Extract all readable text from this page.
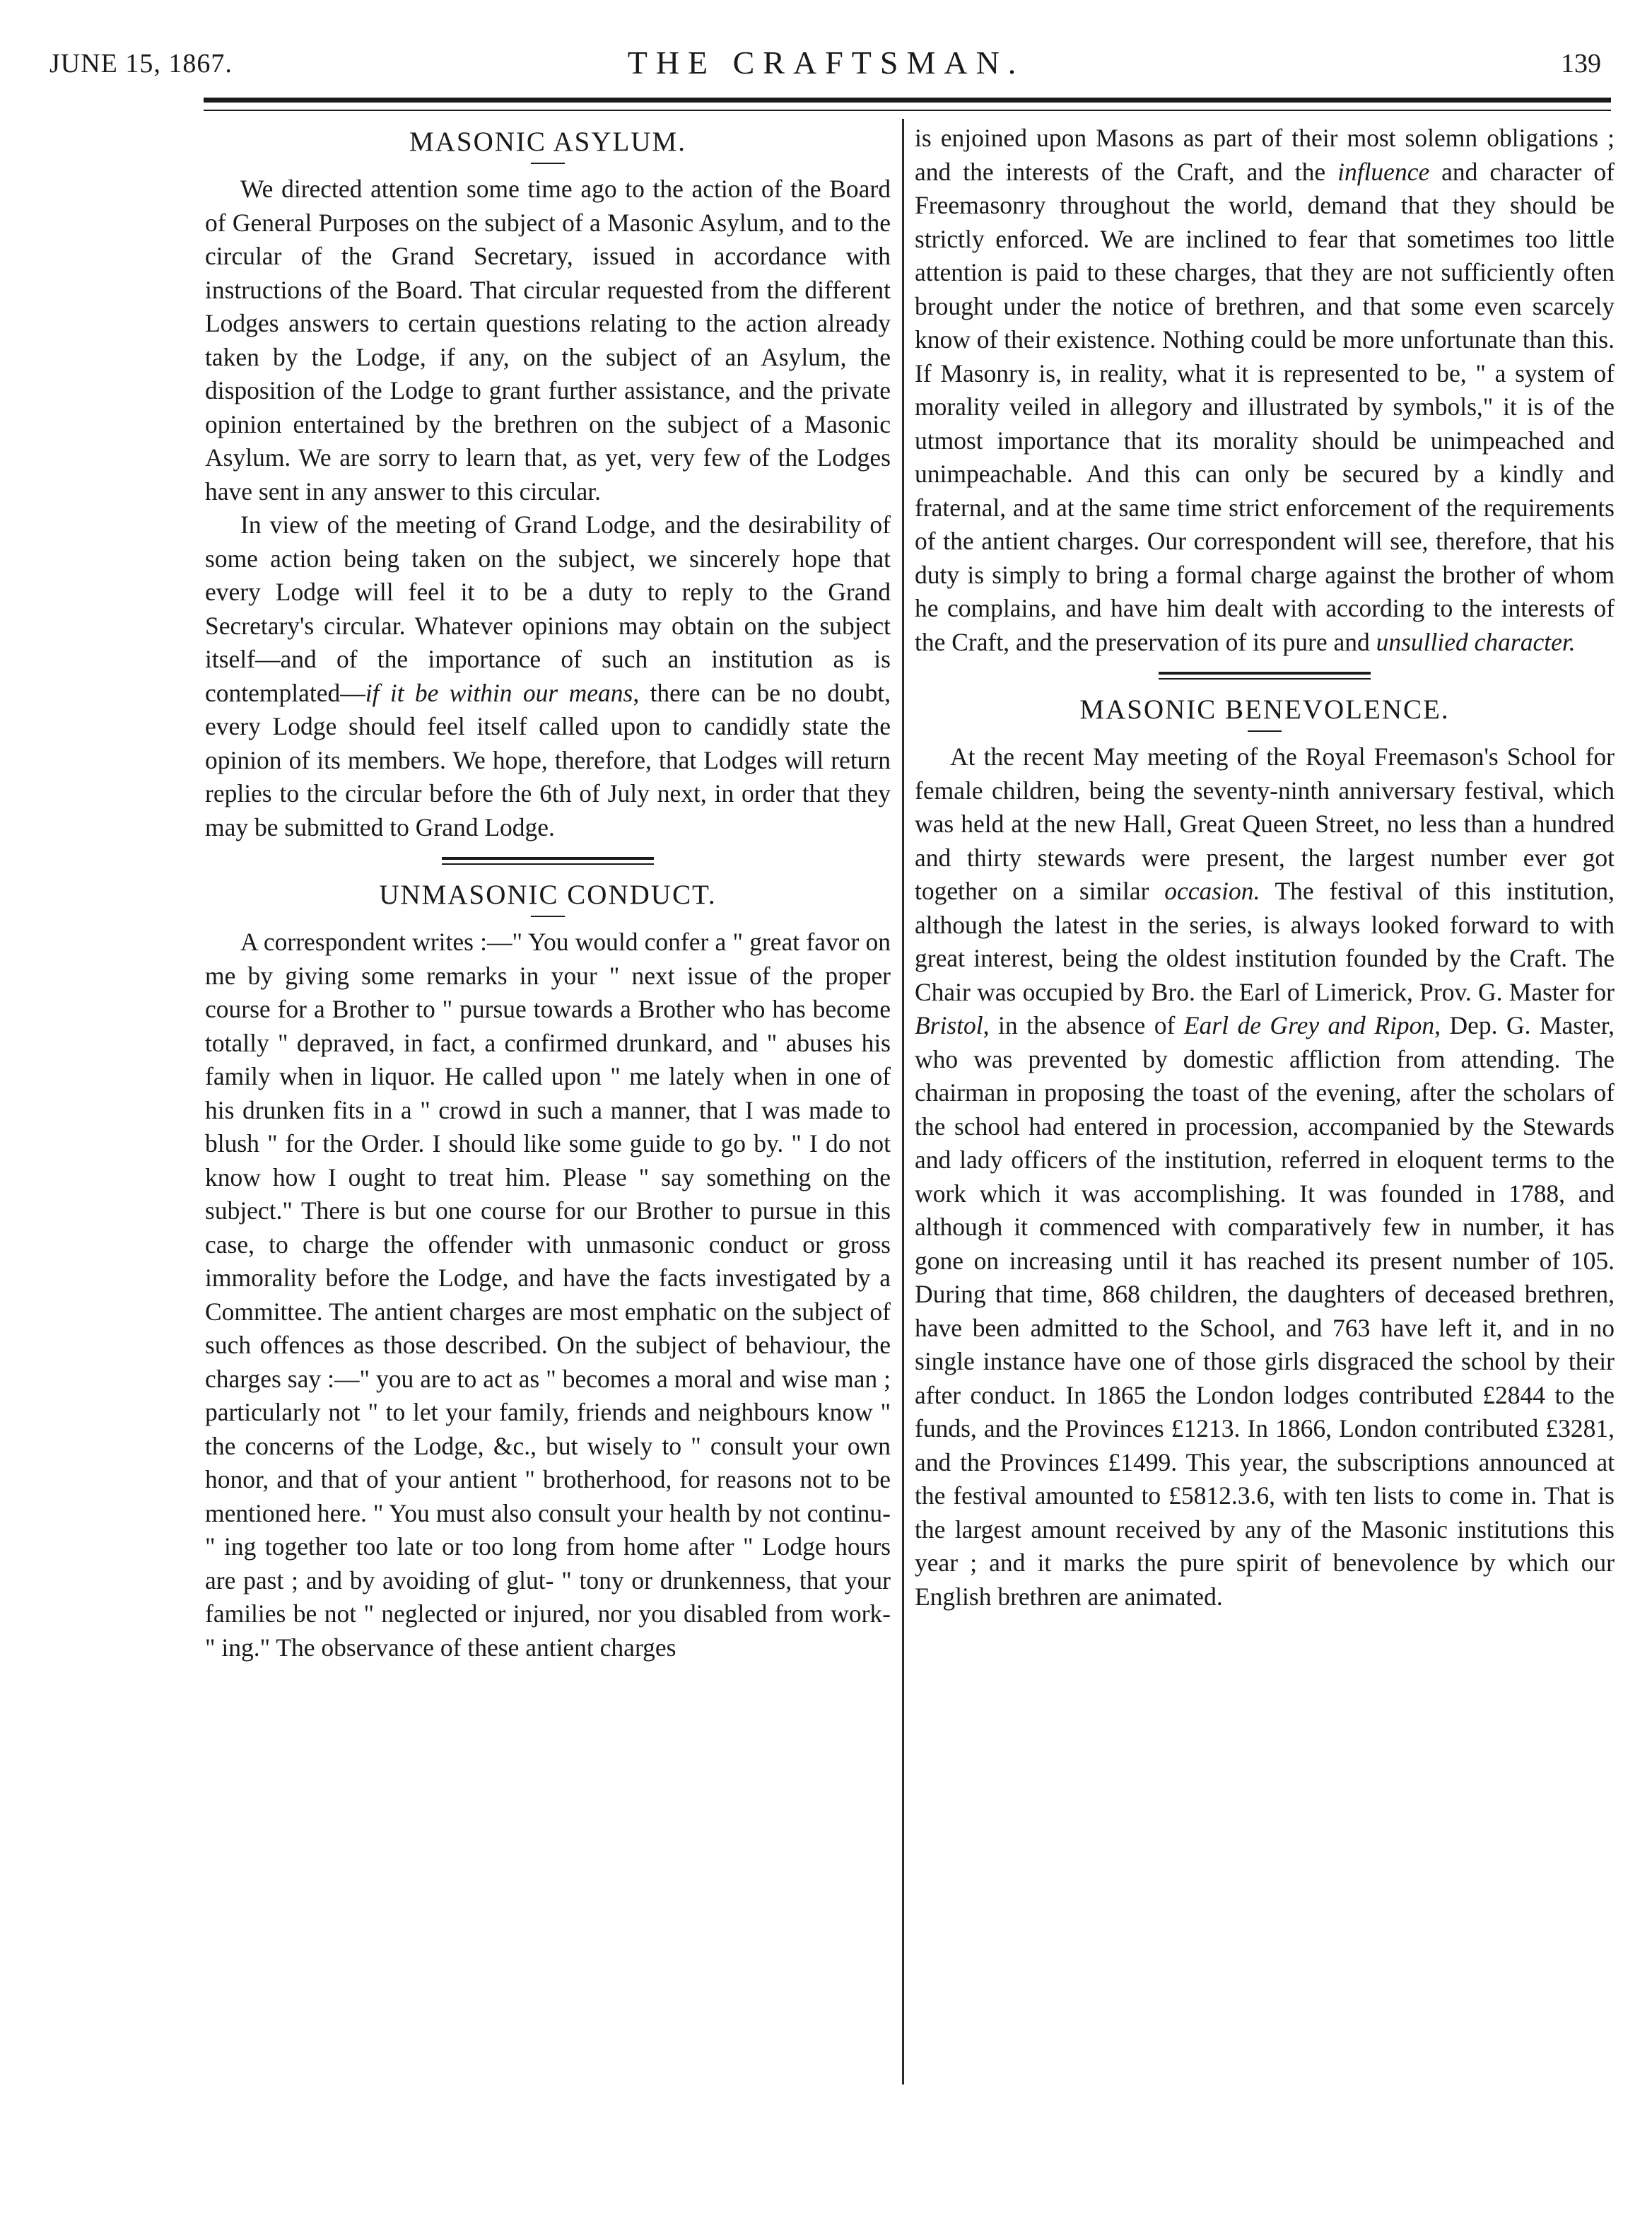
JUNE 15, 1867.	THE CRAFTSMAN.	139
MASONIC ASYLUM.

We directed attention some time ago to the action of the Board of General Purposes on the subject of a Masonic Asylum, and to the circular of the Grand Secretary, issued in accordance with instructions of the Board. That circular requested from the different Lodges answers to certain questions relating to the action already taken by the Lodge, if any, on the subject of an Asylum, the disposition of the Lodge to grant further assistance, and the private opinion entertained by the brethren on the subject of a Masonic Asylum. We are sorry to learn that, as yet, very few of the Lodges have sent in any answer to this circular.

In view of the meeting of Grand Lodge, and the desirability of some action being taken on the subject, we sincerely hope that every Lodge will feel it to be a duty to reply to the Grand Secretary's circular. Whatever opinions may obtain on the subject itself—and of the importance of such an institution as is contemplated—if it be within our means, there can be no doubt, every Lodge should feel itself called upon to candidly state the opinion of its members. We hope, therefore, that Lodges will return replies to the circular before the 6th of July next, in order that they may be submitted to Grand Lodge.

UNMASONIC CONDUCT.

A correspondent writes :—" You would confer a " great favor on me by giving some remarks in your " next issue of the proper course for a Brother to " pursue towards a Brother who has become totally " depraved, in fact, a confirmed drunkard, and " abuses his family when in liquor. He called upon " me lately when in one of his drunken fits in a " crowd in such a manner, that I was made to blush " for the Order. I should like some guide to go by. " I do not know how I ought to treat him. Please " say something on the subject." There is but one course for our Brother to pursue in this case, to charge the offender with unmasonic conduct or gross immorality before the Lodge, and have the facts investigated by a Committee. The antient charges are most emphatic on the subject of such offences as those described. On the subject of behaviour, the charges say :—" you are to act as " becomes a moral and wise man ; particularly not " to let your family, friends and neighbours know " the concerns of the Lodge, &c., but wisely to " consult your own honor, and that of your antient " brotherhood, for reasons not to be mentioned here. " You must also consult your health by not continu- " ing together too late or too long from home after " Lodge hours are past ; and by avoiding of glut- " tony or drunkenness, that your families be not " neglected or injured, nor you disabled from work- " ing." The observance of these antient charges

is enjoined upon Masons as part of their most solemn obligations ; and the interests of the Craft, and the influence and character of Freemasonry throughout the world, demand that they should be strictly enforced. We are inclined to fear that sometimes too little attention is paid to these charges, that they are not sufficiently often brought under the notice of brethren, and that some even scarcely know of their existence. Nothing could be more unfortunate than this. If Masonry is, in reality, what it is represented to be, " a system of morality veiled in allegory and illustrated by symbols," it is of the utmost importance that its morality should be unimpeached and unimpeachable. And this can only be secured by a kindly and fraternal, and at the same time strict enforcement of the requirements of the antient charges. Our correspondent will see, therefore, that his duty is simply to bring a formal charge against the brother of whom he complains, and have him dealt with according to the interests of the Craft, and the preservation of its pure and unsullied character.

MASONIC BENEVOLENCE.

At the recent May meeting of the Royal Freemason's School for female children, being the seventy-ninth anniversary festival, which was held at the new Hall, Great Queen Street, no less than a hundred and thirty stewards were present, the largest number ever got together on a similar occasion. The festival of this institution, although the latest in the series, is always looked forward to with great interest, being the oldest institution founded by the Craft. The Chair was occupied by Bro. the Earl of Limerick, Prov. G. Master for Bristol, in the absence of Earl de Grey and Ripon, Dep. G. Master, who was prevented by domestic affliction from attending. The chairman in proposing the toast of the evening, after the scholars of the school had entered in procession, accompanied by the Stewards and lady officers of the institution, referred in eloquent terms to the work which it was accomplishing. It was founded in 1788, and although it commenced with comparatively few in number, it has gone on increasing until it has reached its present number of 105. During that time, 868 children, the daughters of deceased brethren, have been admitted to the School, and 763 have left it, and in no single instance have one of those girls disgraced the school by their after conduct. In 1865 the London lodges contributed £2844 to the funds, and the Provinces £1213. In 1866, London contributed £3281, and the Provinces £1499. This year, the subscriptions announced at the festival amounted to £5812.3.6, with ten lists to come in. That is the largest amount received by any of the Masonic institutions this year ; and it marks the pure spirit of benevolence by which our English brethren are animated.
